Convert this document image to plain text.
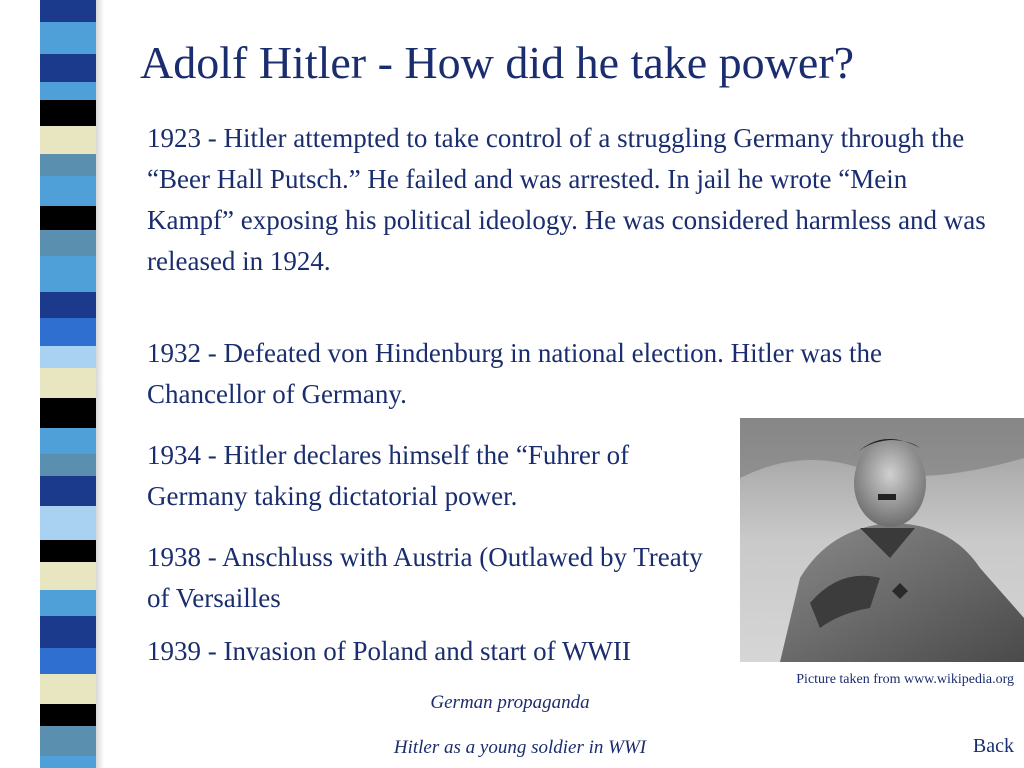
Adolf Hitler - How did he take power?
1923 - Hitler attempted to take control of a struggling Germany through the “Beer Hall Putsch.” He failed and was arrested. In jail he wrote “Mein Kampf” exposing his political ideology. He was considered harmless and was released in 1924.
1932 - Defeated von Hindenburg in national election. Hitler was the Chancellor of Germany.
1934 - Hitler declares himself the “Fuhrer of Germany taking dictatorial power.
1938 - Anschluss with Austria (Outlawed by Treaty of Versailles
1939 - Invasion of Poland and start of WWII
Picture taken from www.wikipedia.org
German propaganda
Hitler as a young soldier in WWI	Back
